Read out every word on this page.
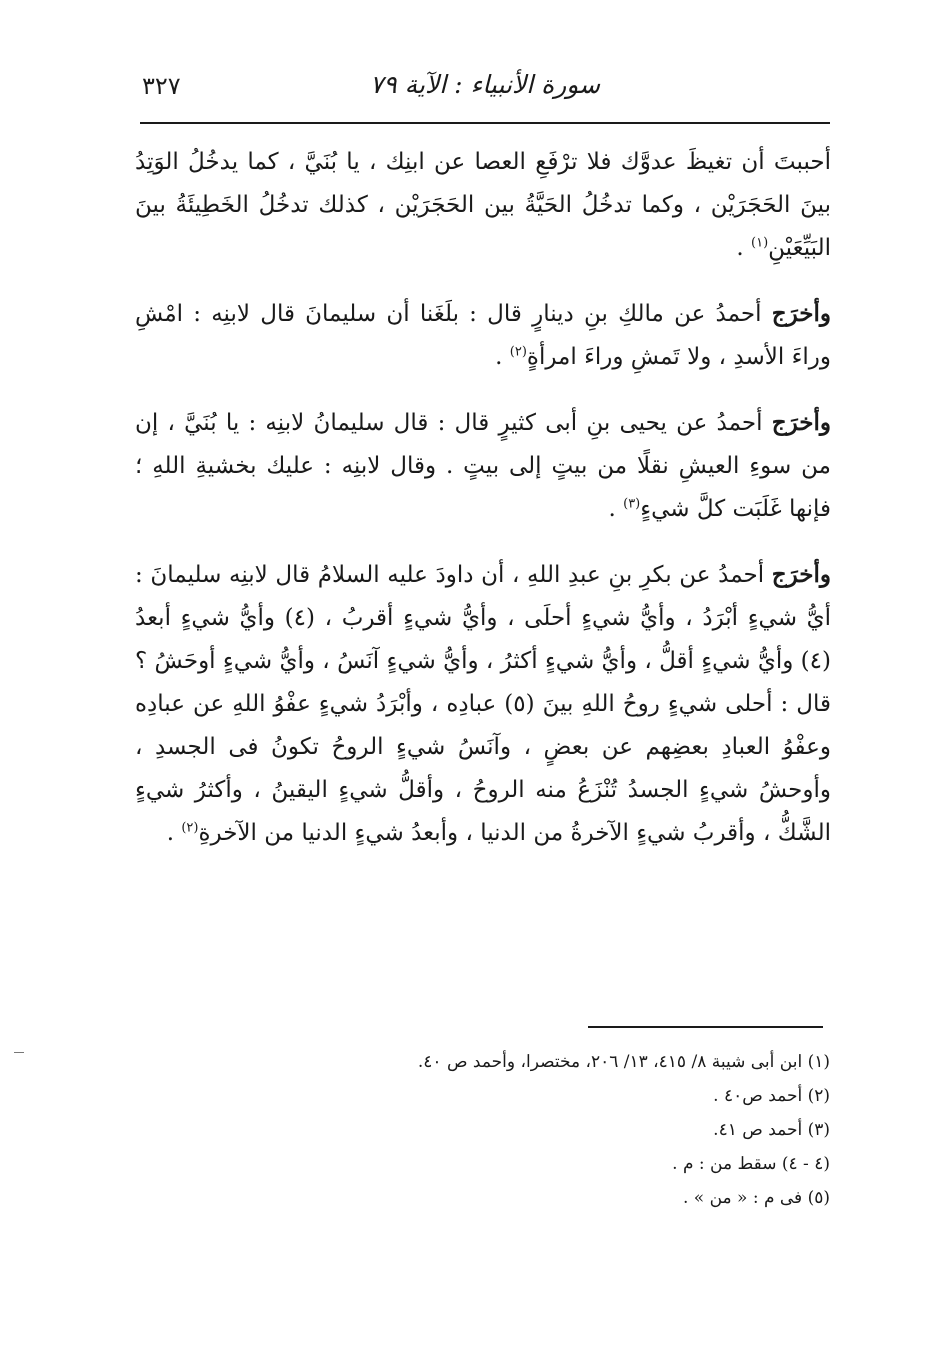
سورة الأنبياء : الآية ٧٩
٣٢٧

أحببتَ أن تغيظَ عدوَّك فلا ترْفَعِ العصا عن ابنِك ، يا بُنَيَّ ، كما يدخُلُ الوَتِدُ بينَ الحَجَرَيْن ، وكما تدخُلُ الحَيَّةُ بين الحَجَرَيْن ، كذلك تدخُلُ الخَطِيئَةُ بينَ البَيِّعَيْنِ$^{(١)}$ .

وأخرَج أحمدُ عن مالكِ بنِ دينارٍ قال : بلَغَنا أن سليمانَ قال لابنِه : امْشِ وراءَ الأسدِ ، ولا تَمشِ وراءَ امرأةٍ$^{(٢)}$ .

وأخرَج أحمدُ عن يحيى بنِ أبى كثيرٍ قال : قال سليمانُ لابنِه : يا بُنَيَّ ، إن من سوءِ العيشِ نقلًا من بيتٍ إلى بيتٍ . وقال لابنِه : عليك بخشيةِ اللهِ ؛ فإنها غَلَبَت كلَّ شيءٍ$^{(٣)}$ .

وأخرَج أحمدُ عن بكرِ بنِ عبدِ اللهِ ، أن داودَ عليه السلامُ قال لابنِه سليمانَ : أيُّ شيءٍ أبْرَدُ ، وأيُّ شيءٍ أحلَى ، وأيُّ شيءٍ أقربُ ، (٤) وأيُّ شيءٍ أبعدُ (٤) وأيُّ شيءٍ أقلُّ ، وأيُّ شيءٍ أكثرُ ، وأيُّ شيءٍ آنَسُ ، وأيُّ شيءٍ أوحَشُ ؟ قال : أحلى شيءٍ روحُ اللهِ بينَ (٥) عبادِه ، وأبْرَدُ شيءٍ عفْوُ اللهِ عن عبادِه وعفْوُ العبادِ بعضِهم عن بعضٍ ، وآنَسُ شيءٍ الروحُ تكونُ فى الجسدِ ، وأوحشُ شيءٍ الجسدُ تُنْزَعُ منه الروحُ ، وأقلُّ شيءٍ اليقينُ ، وأكثرُ شيءٍ الشَّكُّ ، وأقربُ شيءٍ الآخرةُ من الدنيا ، وأبعدُ شيءٍ الدنيا من الآخرةِ$^{(٢)}$ .

(١) ابن أبى شيبة ٨/ ٤١٥، ١٣/ ٢٠٦، مختصرا، وأحمد ص ٤٠.

(٢) أحمد ص٤٠ .

(٣) أحمد ص ٤١.

(٤ - ٤) سقط من : م .

(٥) فى م : « من » .
